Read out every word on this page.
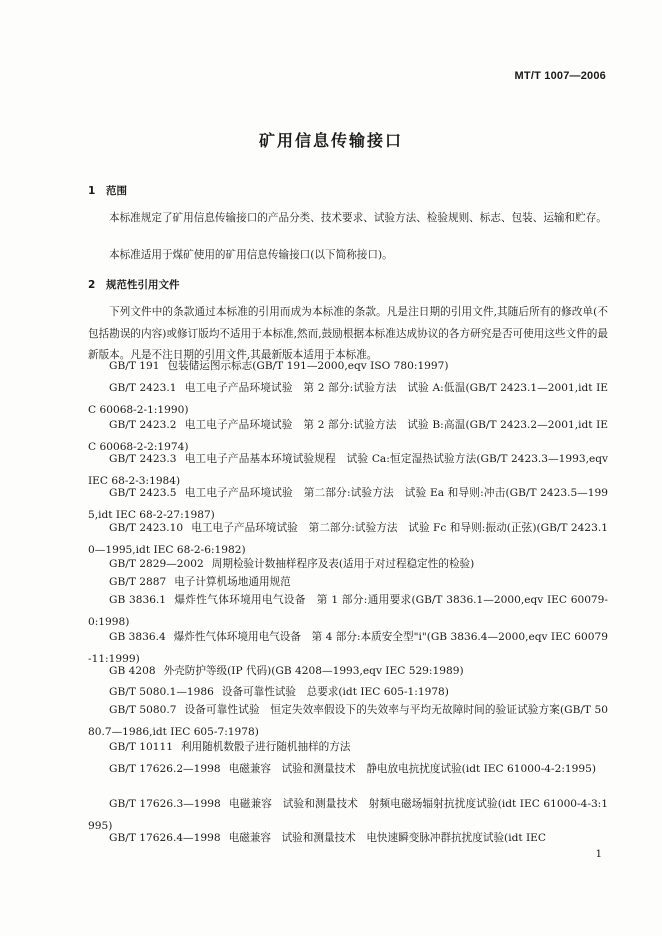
MT/T 1007—2006
矿用信息传输接口
1 范围
本标准规定了矿用信息传输接口的产品分类、技术要求、试验方法、检验规则、标志、包装、运输和贮存。
本标准适用于煤矿使用的矿用信息传输接口(以下简称接口)。
2 规范性引用文件
下列文件中的条款通过本标准的引用而成为本标准的条款。凡是注日期的引用文件,其随后所有的修改单(不包括勘误的内容)或修订版均不适用于本标准,然而,鼓励根据本标准达成协议的各方研究是否可使用这些文件的最新版本。凡是不注日期的引用文件,其最新版本适用于本标准。
GB/T 191 包装储运图示标志(GB/T 191—2000,eqv ISO 780:1997)
GB/T 2423.1 电工电子产品环境试验　第 2 部分:试验方法　试验 A:低温(GB/T 2423.1—2001,idt IEC 60068-2-1:1990)
GB/T 2423.2 电工电子产品环境试验　第 2 部分:试验方法　试验 B:高温(GB/T 2423.2—2001,idt IEC 60068-2-2:1974)
GB/T 2423.3 电工电子产品基本环境试验规程　试验 Ca:恒定湿热试验方法(GB/T 2423.3—1993,eqv IEC 68-2-3:1984)
GB/T 2423.5 电工电子产品环境试验　第二部分:试验方法　试验 Ea 和导则:冲击(GB/T 2423.5—1995,idt IEC 68-2-27:1987)
GB/T 2423.10 电工电子产品环境试验　第二部分:试验方法　试验 Fc 和导则:振动(正弦)(GB/T 2423.10—1995,idt IEC 68-2-6:1982)
GB/T 2829—2002 周期检验计数抽样程序及表(适用于对过程稳定性的检验)
GB/T 2887 电子计算机场地通用规范
GB 3836.1 爆炸性气体环境用电气设备　第 1 部分:通用要求(GB/T 3836.1—2000,eqv IEC 60079-0:1998)
GB 3836.4 爆炸性气体环境用电气设备　第 4 部分:本质安全型"i"(GB 3836.4—2000,eqv IEC 60079-11:1999)
GB 4208 外壳防护等级(IP 代码)(GB 4208—1993,eqv IEC 529:1989)
GB/T 5080.1—1986 设备可靠性试验　总要求(idt IEC 605-1:1978)
GB/T 5080.7 设备可靠性试验　恒定失效率假设下的失效率与平均无故障时间的验证试验方案(GB/T 5080.7—1986,idt IEC 605-7:1978)
GB/T 10111 利用随机数骰子进行随机抽样的方法
GB/T 17626.2—1998 电磁兼容　试验和测量技术　静电放电抗扰度试验(idt IEC 61000-4-2:1995)
GB/T 17626.3—1998 电磁兼容　试验和测量技术　射频电磁场辐射抗扰度试验(idt IEC 61000-4-3:1995)
GB/T 17626.4—1998 电磁兼容　试验和测量技术　电快速瞬变脉冲群抗扰度试验(idt IEC
1
